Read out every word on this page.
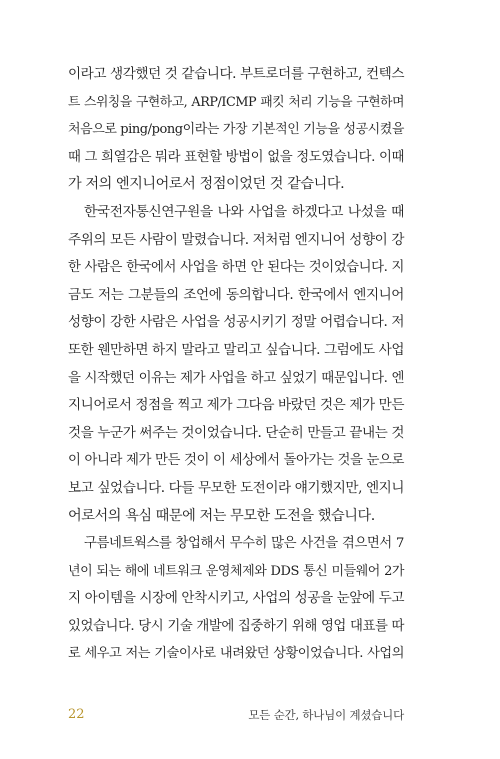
이라고 생각했던 것 같습니다. 부트로더를 구현하고, 컨텍스
트 스위칭을 구현하고, ARP/ICMP 패킷 처리 기능을 구현하며
처음으로 ping/pong이라는 가장 기본적인 기능을 성공시켰을
때 그 희열감은 뭐라 표현할 방법이 없을 정도였습니다. 이때
가 저의 엔지니어로서 정점이었던 것 같습니다.
한국전자통신연구원을 나와 사업을 하겠다고 나섰을 때
주위의 모든 사람이 말렸습니다. 저처럼 엔지니어 성향이 강
한 사람은 한국에서 사업을 하면 안 된다는 것이었습니다. 지
금도 저는 그분들의 조언에 동의합니다. 한국에서 엔지니어
성향이 강한 사람은 사업을 성공시키기 정말 어렵습니다. 저
또한 웬만하면 하지 말라고 말리고 싶습니다. 그럼에도 사업
을 시작했던 이유는 제가 사업을 하고 싶었기 때문입니다. 엔
지니어로서 정점을 찍고 제가 그다음 바랐던 것은 제가 만든
것을 누군가 써주는 것이었습니다. 단순히 만들고 끝내는 것
이 아니라 제가 만든 것이 이 세상에서 돌아가는 것을 눈으로
보고 싶었습니다. 다들 무모한 도전이라 얘기했지만, 엔지니
어로서의 욕심 때문에 저는 무모한 도전을 했습니다.
구름네트웍스를 창업해서 무수히 많은 사건을 겪으면서 7
년이 되는 해에 네트워크 운영체제와 DDS 통신 미들웨어 2가
지 아이템을 시장에 안착시키고, 사업의 성공을 눈앞에 두고
있었습니다. 당시 기술 개발에 집중하기 위해 영업 대표를 따
로 세우고 저는 기술이사로 내려왔던 상황이었습니다. 사업의
22	모든 순간, 하나님이 계셨습니다
